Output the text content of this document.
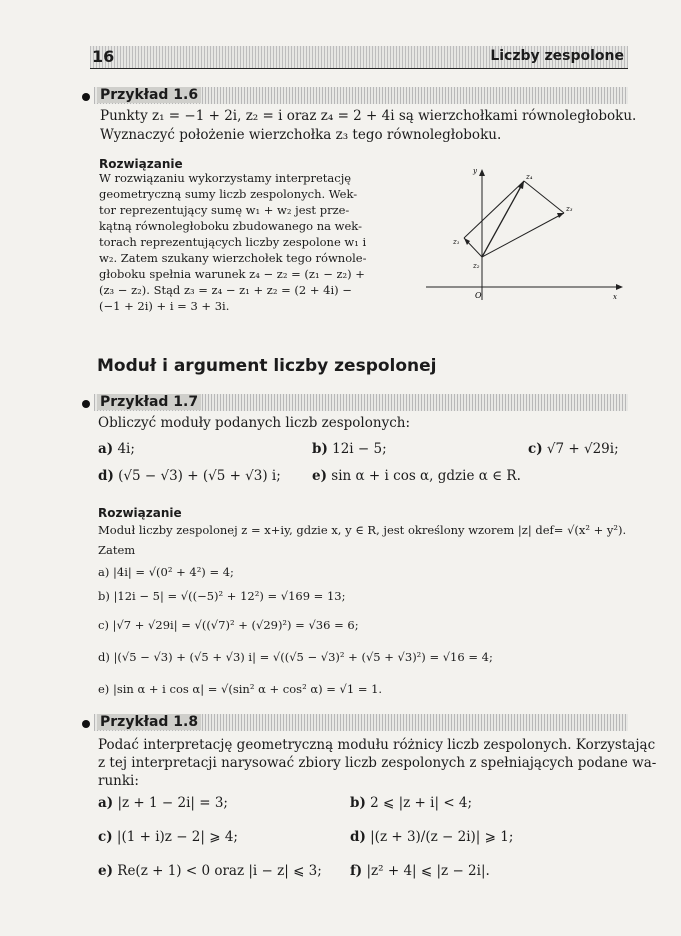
16	Liczby zespolone
Przykład 1.6
Punkty z₁ = −1 + 2i, z₂ = i oraz z₄ = 2 + 4i są wierzchołkami równoległoboku.
Wyznaczyć położenie wierzchołka z₃ tego równoległoboku.
Rozwiązanie
W rozwiązaniu wykorzystamy interpretację
geometryczną sumy liczb zespolonych. Wek-
tor reprezentujący sumę w₁ + w₂ jest prze-
kątną równoległoboku zbudowanego na wek-
torach reprezentujących liczby zespolone w₁ i
w₂. Zatem szukany wierzchołek tego równole-
głoboku spełnia warunek z₄ − z₂ = (z₁ − z₂) +
(z₃ − z₂). Stąd z₃ = z₄ − z₁ + z₂ = (2 + 4i) −
(−1 + 2i) + i = 3 + 3i.
y
x
O
z₁
z₂
z₃
z₄
Moduł i argument liczby zespolonej
Przykład 1.7
Obliczyć moduły podanych liczb zespolonych:
a) 4i;	b) 12i − 5;	c) √7 + √29i;
d) (√5 − √3) + (√5 + √3) i; e) sin α + i cos α, gdzie α ∈ R.
Rozwiązanie
Moduł liczby zespolonej z = x+iy, gdzie x, y ∈ R, jest określony wzorem |z| def= √(x² + y²).
Zatem
a) |4i| = √(0² + 4²) = 4;
b) |12i − 5| = √((−5)² + 12²) = √169 = 13;
c) |√7 + √29i| = √((√7)² + (√29)²) = √36 = 6;
d) |(√5 − √3) + (√5 + √3) i| = √((√5 − √3)² + (√5 + √3)²) = √16 = 4;
e) |sin α + i cos α| = √(sin² α + cos² α) = √1 = 1.
Przykład 1.8
Podać interpretację geometryczną modułu różnicy liczb zespolonych. Korzystając
z tej interpretacji narysować zbiory liczb zespolonych z spełniających podane wa-
runki:
a) |z + 1 − 2i| = 3;	b) 2 ⩽ |z + i| < 4;
c) |(1 + i)z − 2| ⩾ 4;	d) |(z + 3)/(z − 2i)| ⩾ 1;
e) Re(z + 1) < 0 oraz |i − z| ⩽ 3; f) |z² + 4| ⩽ |z − 2i|.
